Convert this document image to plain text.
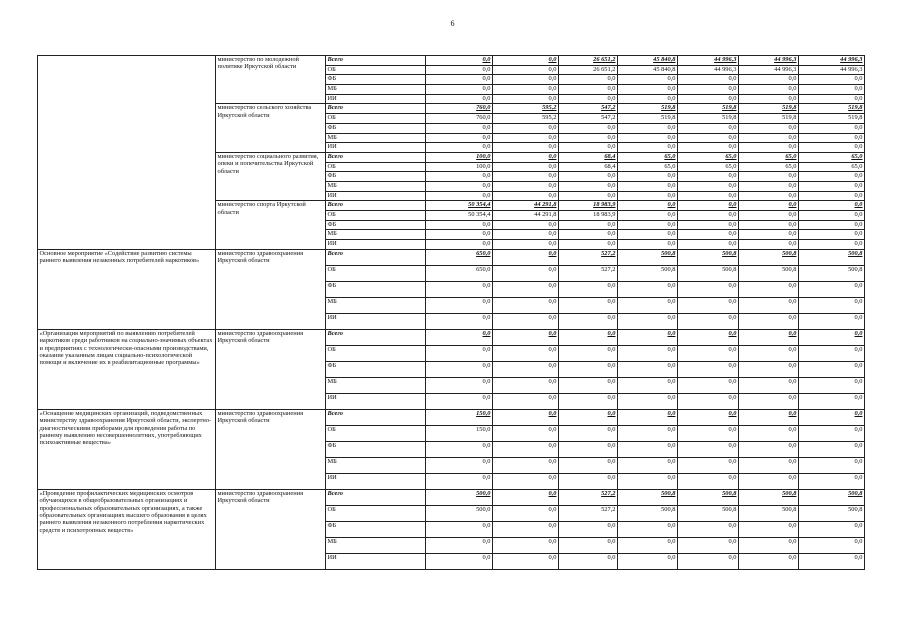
6
	министерство по молодежной политике Иркутской области	Всего	0,0	0,0	26 651,2	45 840,8	44 996,3	44 996,3	44 996,3
		ОБ	0,0	0,0	26 651,2	45 840,8	44 996,3	44 996,3	44 996,3
		ФБ	0,0	0,0	0,0	0,0	0,0	0,0	0,0
		МБ	0,0	0,0	0,0	0,0	0,0	0,0	0,0
		ИИ	0,0	0,0	0,0	0,0	0,0	0,0	0,0
	министерство сельского хозяйства Иркутской области	Всего	760,0	595,2	547,2	519,8	519,8	519,8	519,8
		ОБ	760,0	595,2	547,2	519,8	519,8	519,8	519,8
		ФБ	0,0	0,0	0,0	0,0	0,0	0,0	0,0
		МБ	0,0	0,0	0,0	0,0	0,0	0,0	0,0
		ИИ	0,0	0,0	0,0	0,0	0,0	0,0	0,0
	министерство социального развития, опеки и попечительства Иркутской области	Всего	100,0	0,0	68,4	65,0	65,0	65,0	65,0
		ОБ	100,0	0,0	68,4	65,0	65,0	65,0	65,0
		ФБ	0,0	0,0	0,0	0,0	0,0	0,0	0,0
		МБ	0,0	0,0	0,0	0,0	0,0	0,0	0,0
		ИИ	0,0	0,0	0,0	0,0	0,0	0,0	0,0
	министерство спорта Иркутской области	Всего	50 354,4	44 291,8	18 983,9	0,0	0,0	0,0	0,0
		ОБ	50 354,4	44 291,8	18 983,9	0,0	0,0	0,0	0,0
		ФБ	0,0	0,0	0,0	0,0	0,0	0,0	0,0
		МБ	0,0	0,0	0,0	0,0	0,0	0,0	0,0
		ИИ	0,0	0,0	0,0	0,0	0,0	0,0	0,0
Основное мероприятие «Содействие развитию системы раннего выявления незаконных потребителей наркотиков»	министерство здравоохранения Иркутской области	Всего	650,0	0,0	527,2	500,8	500,8	500,8	500,8
		ОБ	650,0	0,0	527,2	500,8	500,8	500,8	500,8
		ФБ	0,0	0,0	0,0	0,0	0,0	0,0	0,0
		МБ	0,0	0,0	0,0	0,0	0,0	0,0	0,0
		ИИ	0,0	0,0	0,0	0,0	0,0	0,0	0,0
«Организация мероприятий по выявлению потребителей наркотиков среди работников на социально-значимых объектах и предприятиях с технологически-опасными производствами, оказание указанным лицам социально-психологической помощи и включение их в реабилитационные программы»	министерство здравоохранения Иркутской области	Всего	0,0	0,0	0,0	0,0	0,0	0,0	0,0
		ОБ	0,0	0,0	0,0	0,0	0,0	0,0	0,0
		ФБ	0,0	0,0	0,0	0,0	0,0	0,0	0,0
		МБ	0,0	0,0	0,0	0,0	0,0	0,0	0,0
		ИИ	0,0	0,0	0,0	0,0	0,0	0,0	0,0
«Оснащение медицинских организаций, подведомственных министерству здравоохранения Иркутской области, экспертно-диагностическими приборами для проведения работы по раннему выявлению несовершеннолетних, употребляющих психоактивные вещества»	министерство здравоохранения Иркутской области	Всего	150,0	0,0	0,0	0,0	0,0	0,0	0,0
		ОБ	150,0	0,0	0,0	0,0	0,0	0,0	0,0
		ФБ	0,0	0,0	0,0	0,0	0,0	0,0	0,0
		МБ	0,0	0,0	0,0	0,0	0,0	0,0	0,0
		ИИ	0,0	0,0	0,0	0,0	0,0	0,0	0,0
«Проведение профилактических медицинских осмотров обучающихся в общеобразовательных организациях и профессиональных образовательных организациях, а также образовательных организациях высшего образования в целях раннего выявления незаконного потребления наркотических средств и психотропных веществ»	министерство здравоохранения Иркутской области	Всего	500,0	0,0	527,2	500,8	500,8	500,8	500,8
		ОБ	500,0	0,0	527,2	500,8	500,8	500,8	500,8
		ФБ	0,0	0,0	0,0	0,0	0,0	0,0	0,0
		МБ	0,0	0,0	0,0	0,0	0,0	0,0	0,0
		ИИ	0,0	0,0	0,0	0,0	0,0	0,0	0,0
